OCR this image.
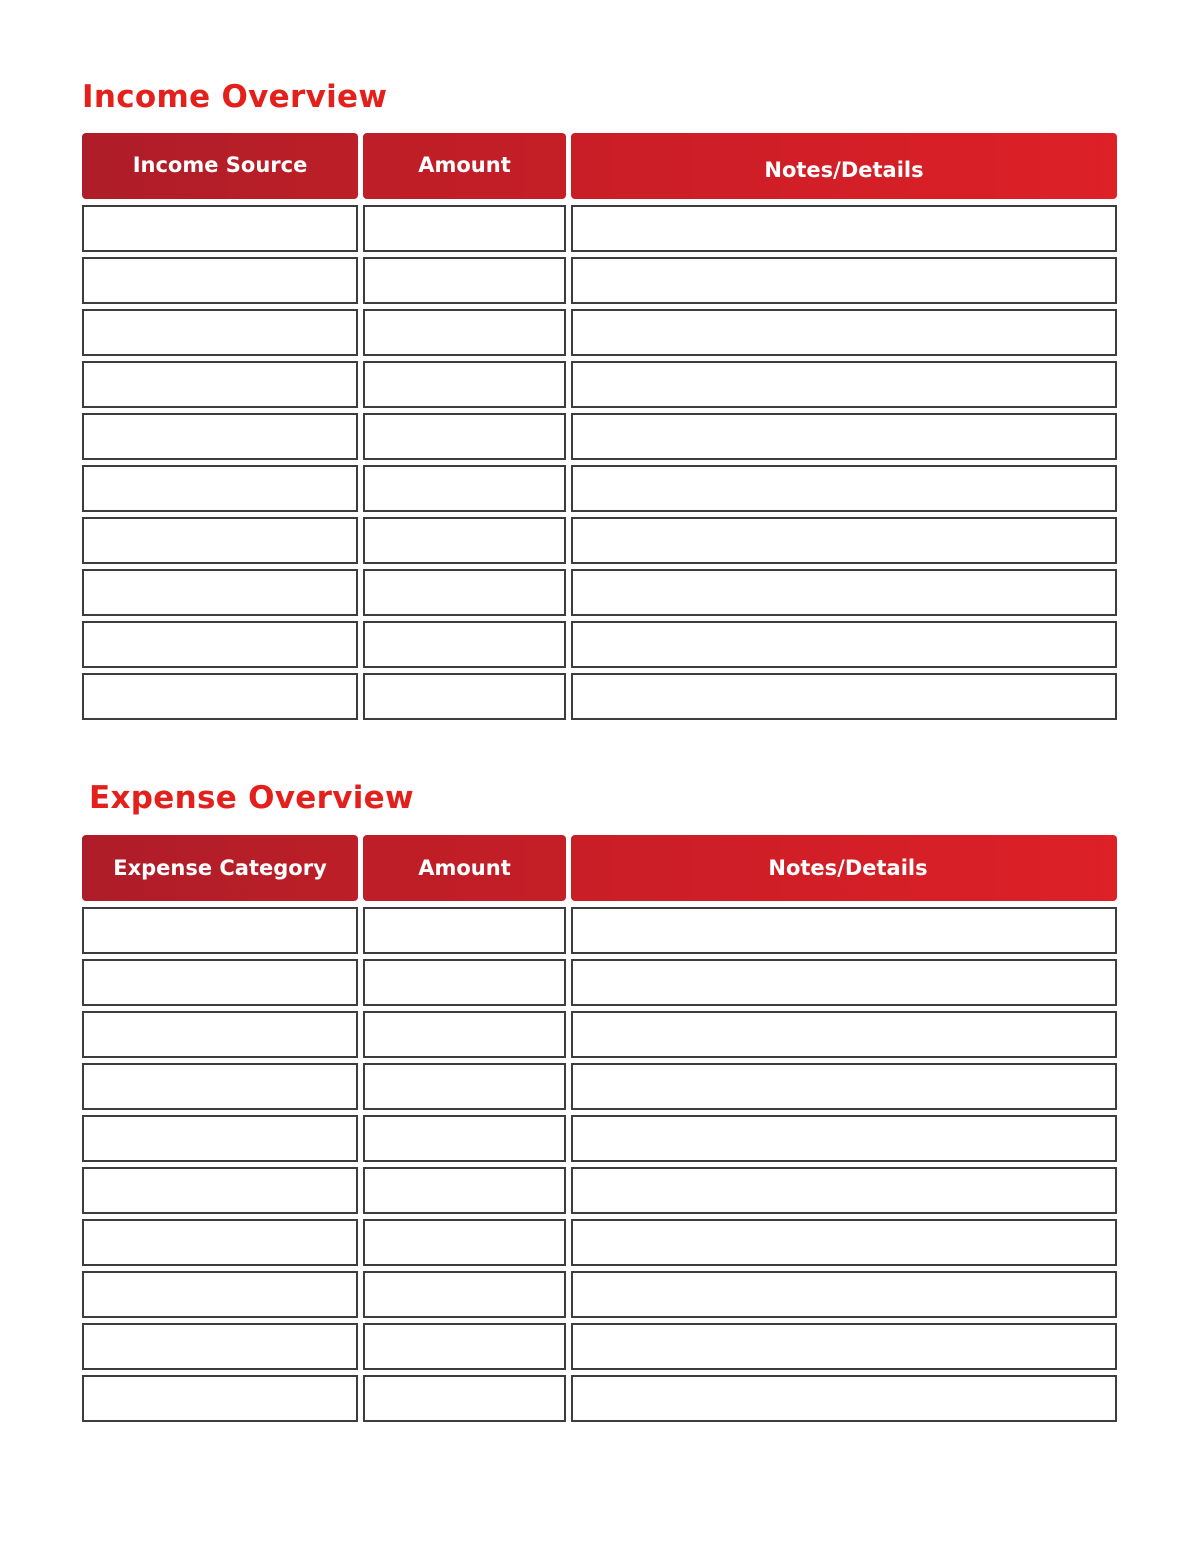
Income Overview
Income Source	Amount	Notes/Details
Expense Overview
Expense Category	Amount	Notes/Details
